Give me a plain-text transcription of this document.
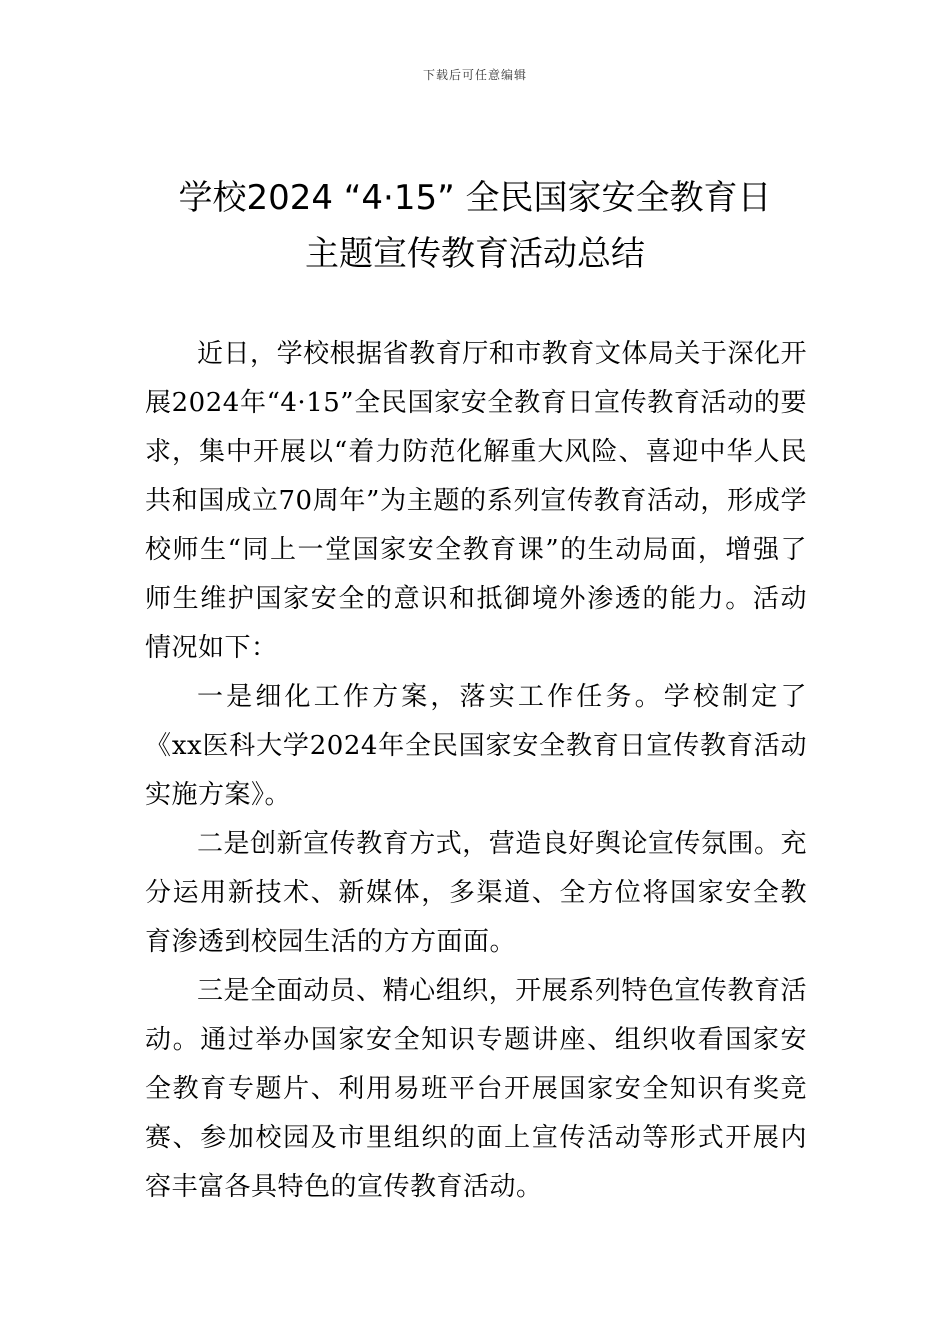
下载后可任意编辑
学校2024 “4·15” 全民国家安全教育日
主题宣传教育活动总结

近日，学校根据省教育厅和市教育文体局关于深化开展2024年“4·15”全民国家安全教育日宣传教育活动的要求，集中开展以“着力防范化解重大风险、喜迎中华人民共和国成立70周年”为主题的系列宣传教育活动，形成学校师生“同上一堂国家安全教育课”的生动局面，增强了师生维护国家安全的意识和抵御境外渗透的能力。活动情况如下：

一是细化工作方案，落实工作任务。学校制定了《xx医科大学2024年全民国家安全教育日宣传教育活动实施方案》。

二是创新宣传教育方式，营造良好舆论宣传氛围。充分运用新技术、新媒体，多渠道、全方位将国家安全教育渗透到校园生活的方方面面。

三是全面动员、精心组织，开展系列特色宣传教育活动。通过举办国家安全知识专题讲座、组织收看国家安全教育专题片、利用易班平台开展国家安全知识有奖竞赛、参加校园及市里组织的面上宣传活动等形式开展内容丰富各具特色的宣传教育活动。
